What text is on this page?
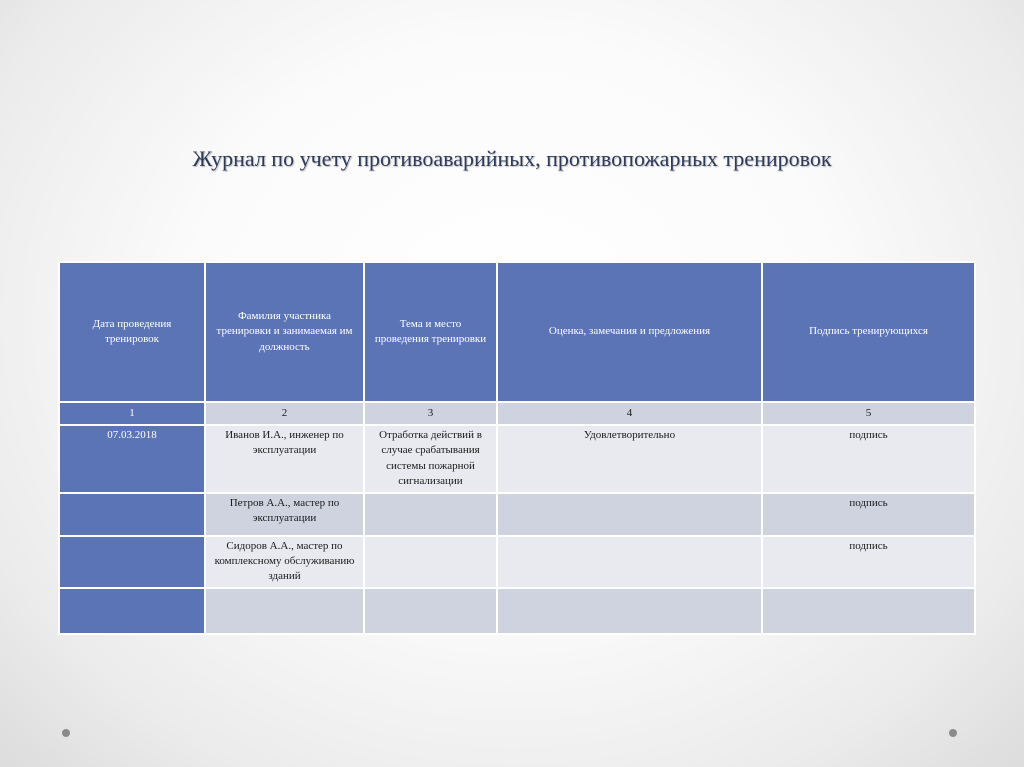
Журнал по учету противоаварийных, противопожарных тренировок
Дата проведения тренировок	Фамилия участника тренировки и занимаемая им должность	Тема и место проведения тренировки	Оценка, замечания и предложения	Подпись тренирующихся
1	2	3	4	5
07.03.2018	Иванов И.А., инженер по эксплуатации	Отработка действий в случае срабатывания системы пожарной сигнализации	Удовлетворительно	подпись
	Петров А.А., мастер по эксплуатации			подпись
	Сидоров А.А., мастер по комплексному обслуживанию зданий			подпись
